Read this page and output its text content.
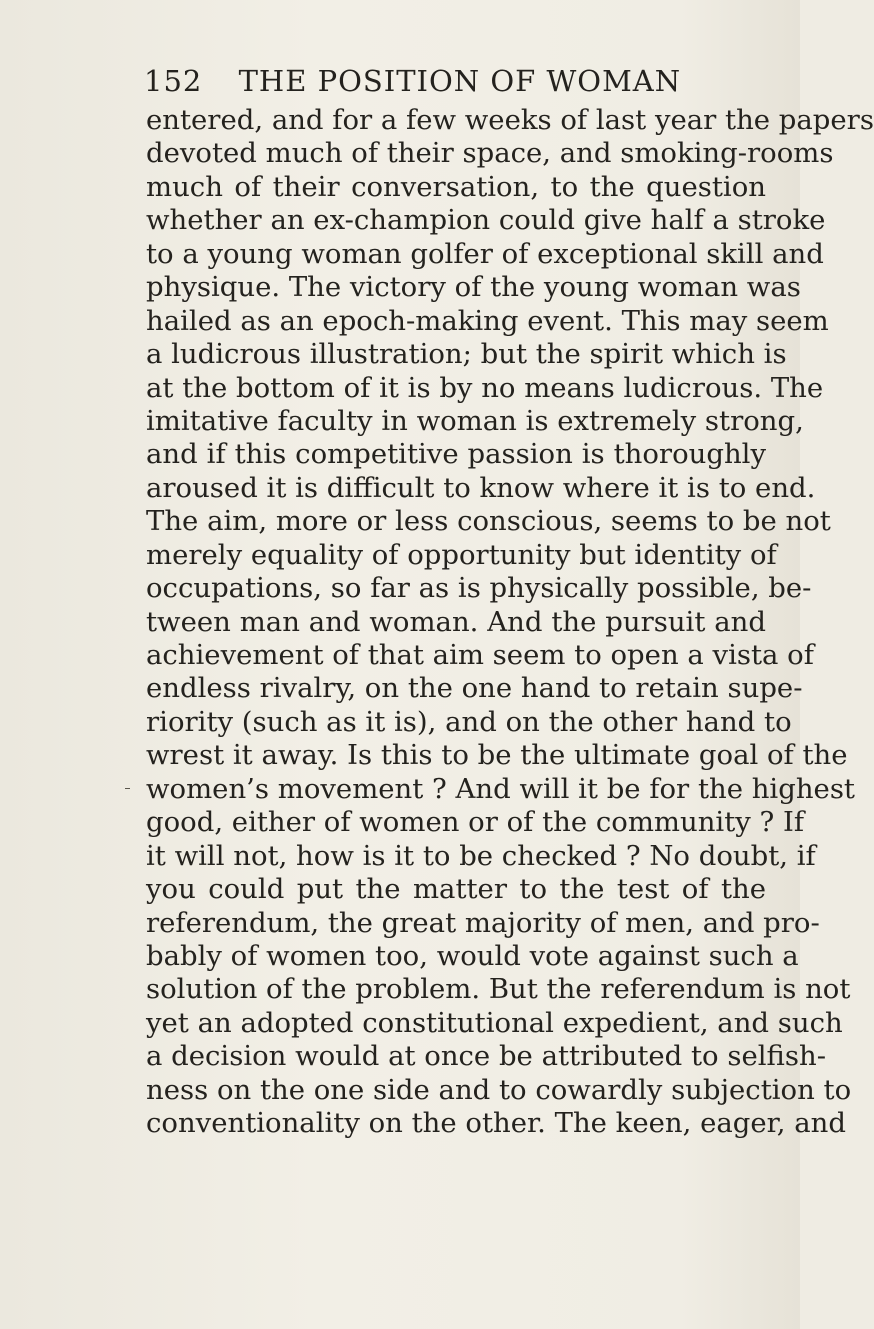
152 THE POSITION OF WOMAN
entered, and for a few weeks of last year the papers
devoted much of their space, and smoking-rooms
much of their conversation, to the question
whether an ex-champion could give half a stroke
to a young woman golfer of exceptional skill and
physique. The victory of the young woman was
hailed as an epoch-making event. This may seem
a ludicrous illustration; but the spirit which is
at the bottom of it is by no means ludicrous. The
imitative faculty in woman is extremely strong,
and if this competitive passion is thoroughly
aroused it is difficult to know where it is to end.
The aim, more or less conscious, seems to be not
merely equality of opportunity but identity of
occupations, so far as is physically possible, be-
tween man and woman. And the pursuit and
achievement of that aim seem to open a vista of
endless rivalry, on the one hand to retain supe-
riority (such as it is), and on the other hand to
wrest it away. Is this to be the ultimate goal of the
women’s movement ? And will it be for the highest
good, either of women or of the community ? If
it will not, how is it to be checked ? No doubt, if
you could put the matter to the test of the
referendum, the great majority of men, and pro-
bably of women too, would vote against such a
solution of the problem. But the referendum is not
yet an adopted constitutional expedient, and such
a decision would at once be attributed to selfish-
ness on the one side and to cowardly subjection to
conventionality on the other. The keen, eager, and
